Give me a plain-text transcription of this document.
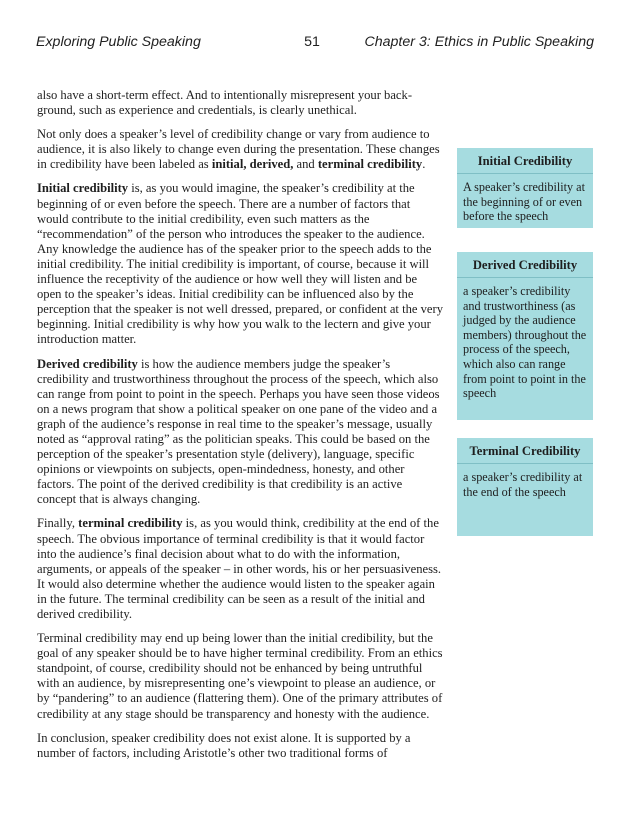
Exploring Public Speaking	51	Chapter 3: Ethics in Public Speaking

also have a short-term effect. And to intentionally misrepresent your back-ground, such as experience and credentials, is clearly unethical.

Not only does a speaker’s level of credibility change or vary from audience to audience, it is also likely to change even during the presentation. These changes in credibility have been labeled as initial, derived, and terminal credibility.

Initial credibility is, as you would imagine, the speaker’s credibility at the beginning of or even before the speech. There are a number of factors that would contribute to the initial credibility, even such matters as the “recommendation” of the person who introduces the speaker to the audience. Any knowledge the audience has of the speaker prior to the speech adds to the initial credibility. The initial credibility is important, of course, because it will influence the receptivity of the audience or how well they will listen and be open to the speaker’s ideas. Initial credibility can be influenced also by the perception that the speaker is not well dressed, prepared, or confident at the very beginning. Initial credibility is why how you walk to the lectern and give your introduction matter.

Derived credibility is how the audience members judge the speaker’s credibility and trustworthiness throughout the process of the speech, which also can range from point to point in the speech. Perhaps you have seen those videos on a news program that show a political speaker on one pane of the video and a graph of the audience’s response in real time to the speaker’s message, usually noted as “approval rating” as the politician speaks. This could be based on the perception of the speaker’s presentation style (delivery), language, specific opinions or viewpoints on subjects, open-mindedness, honesty, and other factors. The point of the derived credibility is that credibility is an active concept that is always changing.

Finally, terminal credibility is, as you would think, credibility at the end of the speech. The obvious importance of terminal credibility is that it would factor into the audience’s final decision about what to do with the information, arguments, or appeals of the speaker – in other words, his or her persuasiveness. It would also determine whether the audience would listen to the speaker again in the future. The terminal credibility can be seen as a result of the initial and derived credibility.

Terminal credibility may end up being lower than the initial credibility, but the goal of any speaker should be to have higher terminal credibility. From an ethics standpoint, of course, credibility should not be enhanced by being untruthful with an audience, by misrepresenting one’s viewpoint to please an audience, or by “pandering” to an audience (flattering them). One of the primary attributes of credibility at any stage should be transparency and honesty with the audience.

In conclusion, speaker credibility does not exist alone. It is supported by a number of factors, including Aristotle’s other two traditional forms of

Initial Credibility
A speaker’s credibility at the beginning of or even before the speech
Derived Credibility
a speaker’s credibility and trustworthiness (as judged by the audience members) throughout the process of the speech, which also can range from point to point in the speech
Terminal Credibility
a speaker’s credibility at the end of the speech
